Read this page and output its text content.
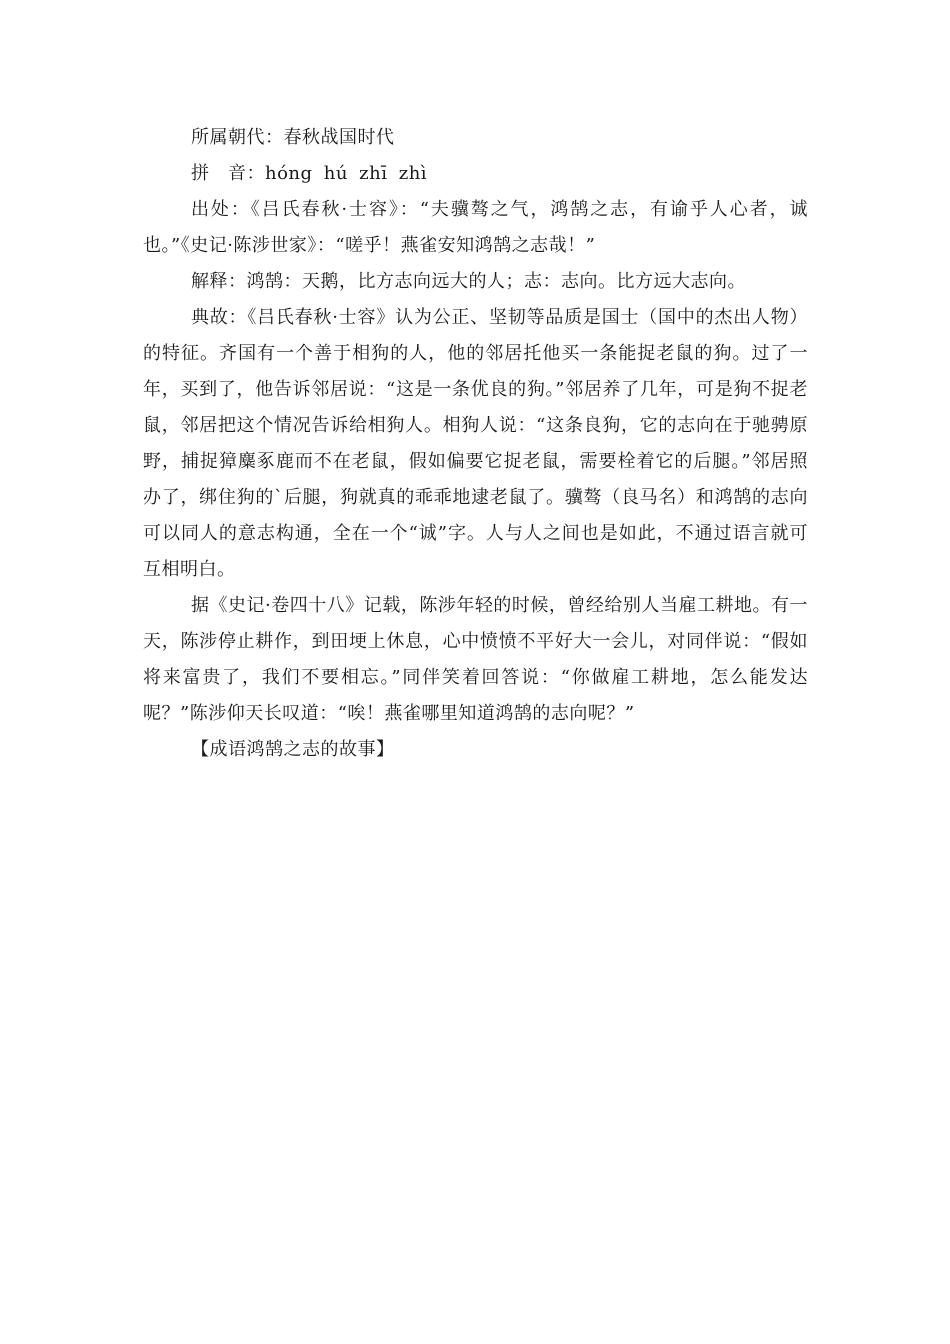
所属朝代：春秋战国时代

拼　音：hóng hú zhī zhì

出处：《吕氏春秋·士容》：“夫骥骜之气，鸿鹄之志，有谕乎人心者，诚也。”《史记·陈涉世家》：“嗟乎！燕雀安知鸿鹄之志哉！”

解释：鸿鹄：天鹅，比方志向远大的人；志：志向。比方远大志向。

典故：《吕氏春秋·士容》认为公正、坚韧等品质是国士（国中的杰出人物）的特征。齐国有一个善于相狗的人，他的邻居托他买一条能捉老鼠的狗。过了一年，买到了，他告诉邻居说：“这是一条优良的狗。”邻居养了几年，可是狗不捉老鼠，邻居把这个情况告诉给相狗人。相狗人说：“这条良狗，它的志向在于驰骋原野，捕捉獐麋豖鹿而不在老鼠，假如偏要它捉老鼠，需要栓着它的后腿。”邻居照办了，绑住狗的`后腿，狗就真的乖乖地逮老鼠了。骥骜（良马名）和鸿鹄的志向可以同人的意志构通，全在一个“诚”字。人与人之间也是如此，不通过语言就可互相明白。

据《史记·卷四十八》记载，陈涉年轻的时候，曾经给别人当雇工耕地。有一天，陈涉停止耕作，到田埂上休息，心中愤愤不平好大一会儿，对同伴说：“假如将来富贵了，我们不要相忘。”同伴笑着回答说：“你做雇工耕地，怎么能发达呢？”陈涉仰天长叹道：“唉！燕雀哪里知道鸿鹄的志向呢？”

【成语鸿鹄之志的故事】
